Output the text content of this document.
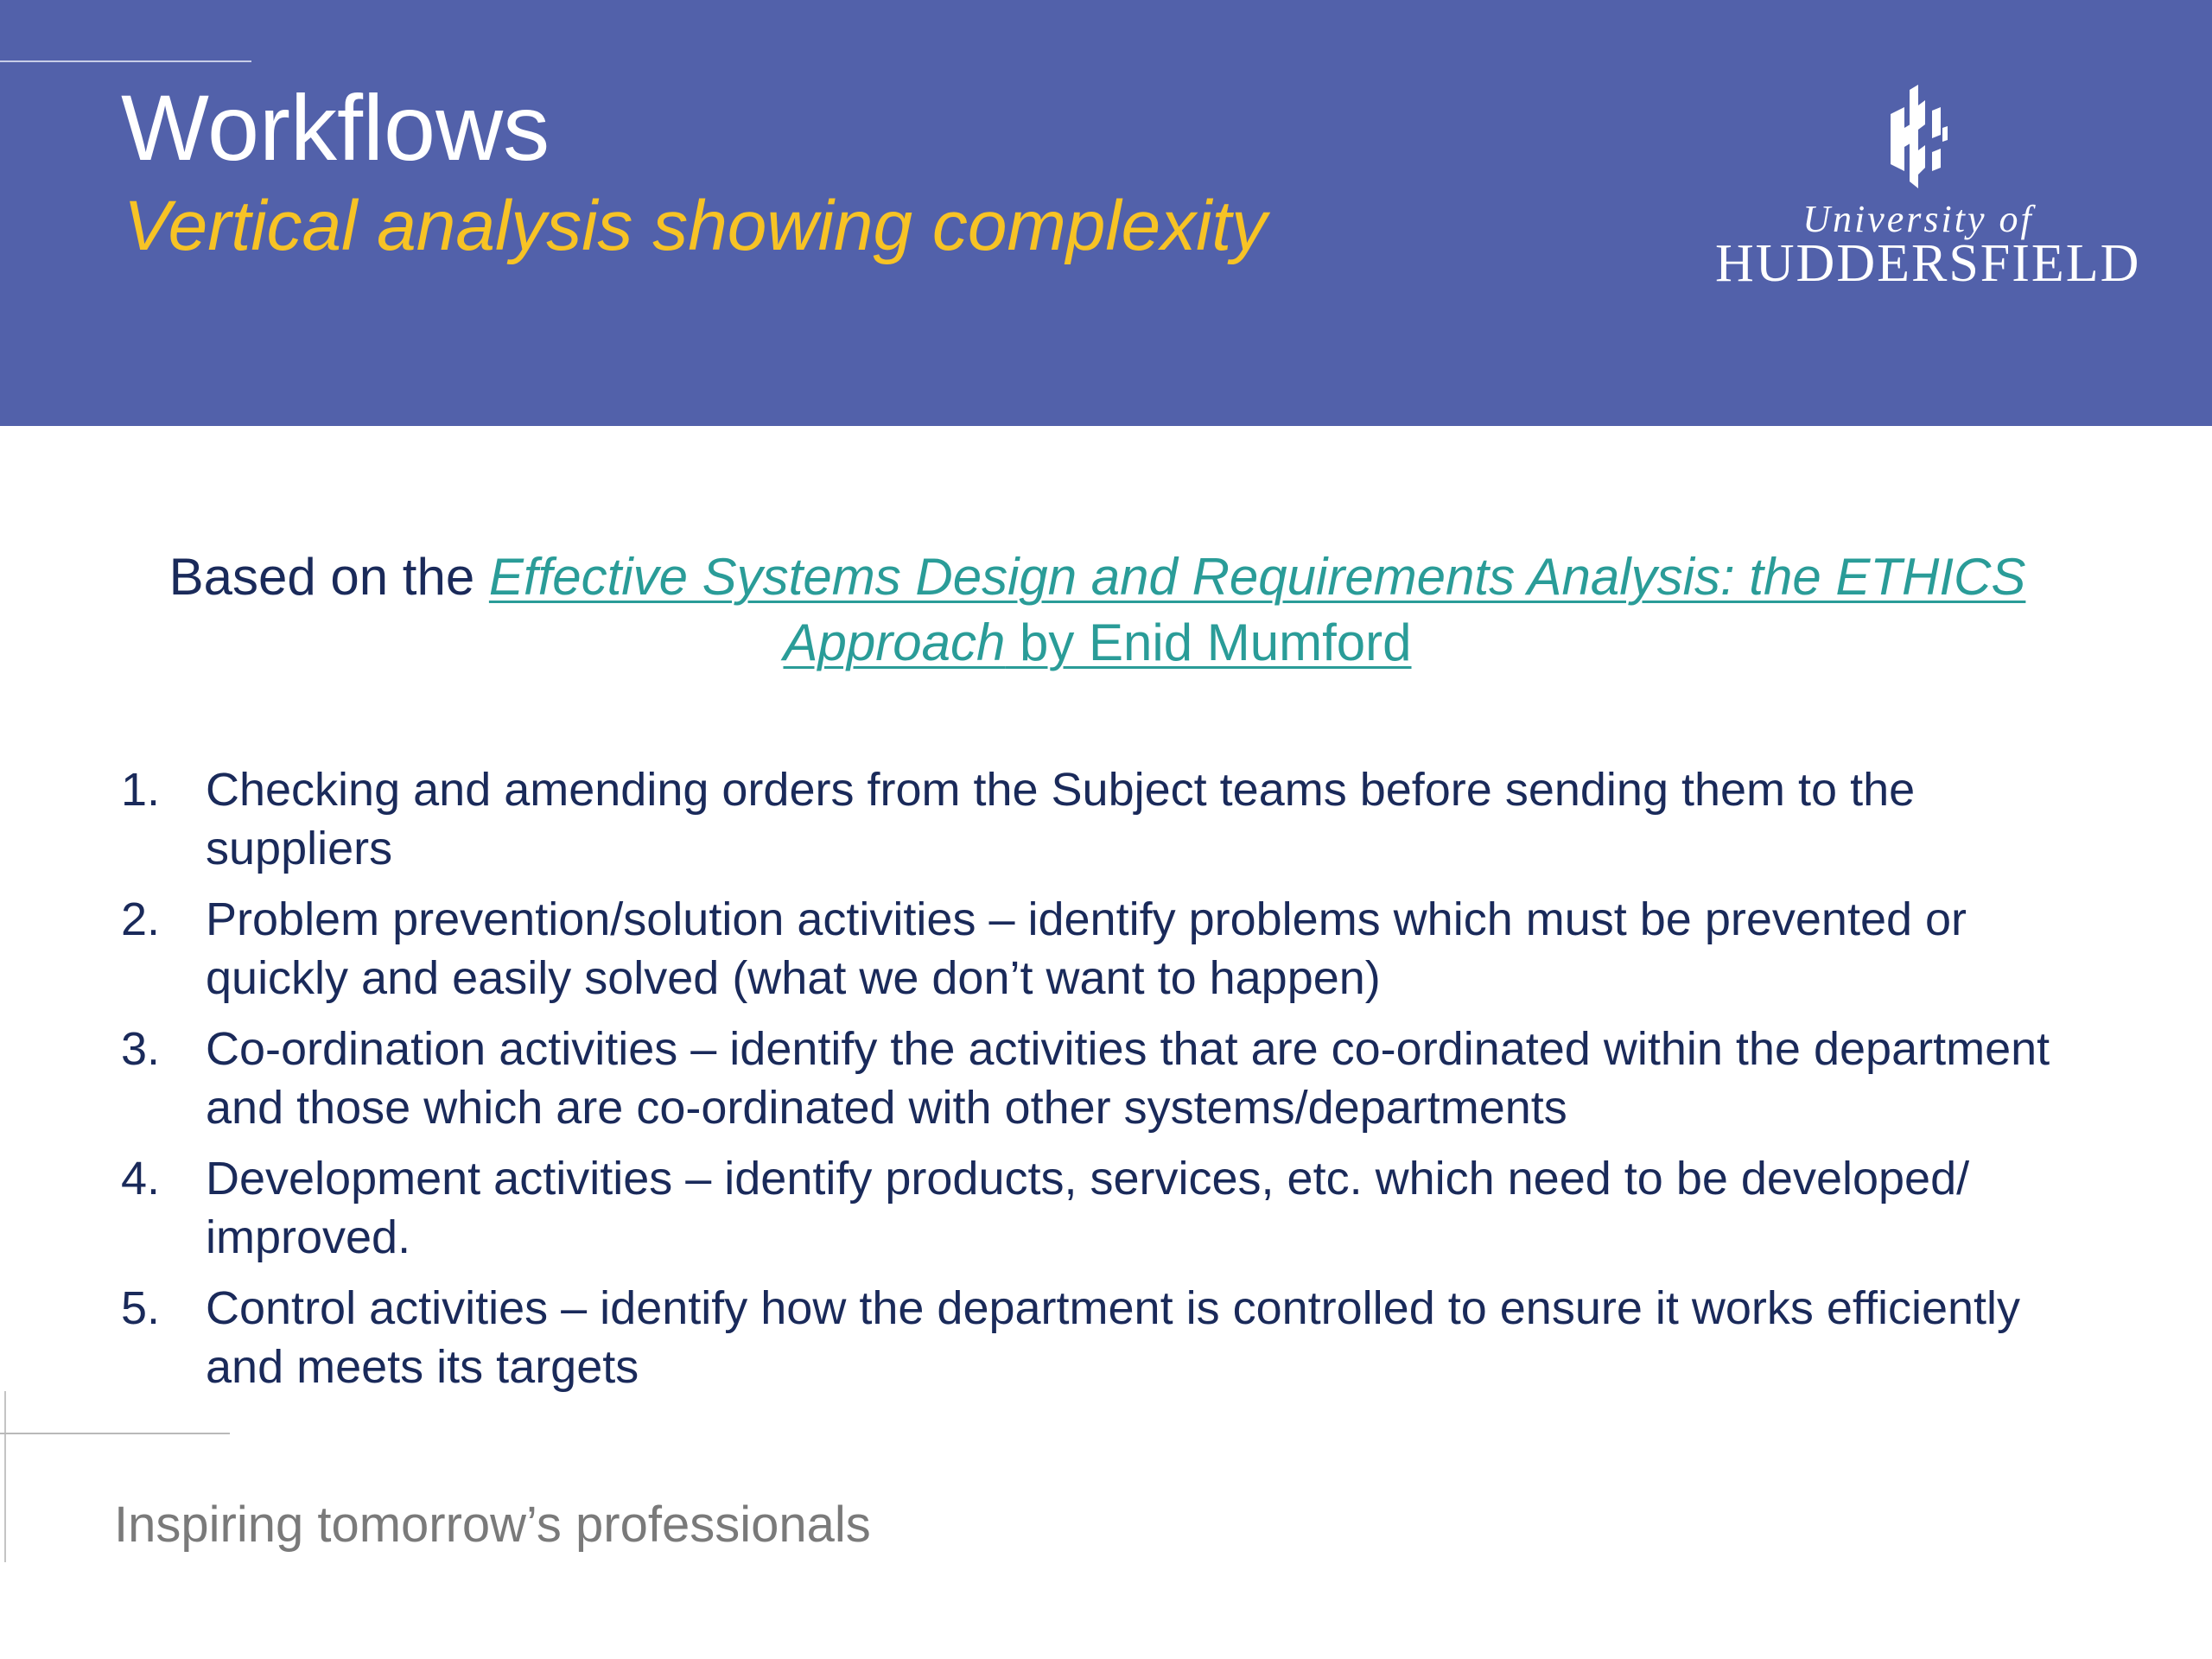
Workflows
Vertical analysis showing complexity	University of
HUDDERSFIELD
Based on the Effective Systems Design and Requirements Analysis: the ETHICS Approach by Enid Mumford
1. Checking and amending orders from the Subject teams before sending them to the suppliers
2. Problem prevention/solution activities – identify problems which must be prevented or quickly and easily solved (what we don’t want to happen)
3. Co-ordination activities – identify the activities that are co-ordinated within the department and those which are co-ordinated with other systems/departments
4. Development activities – identify products, services, etc. which need to be developed/ improved.
5. Control activities – identify how the department is controlled to ensure it works efficiently and meets its targets
Inspiring tomorrow’s professionals
